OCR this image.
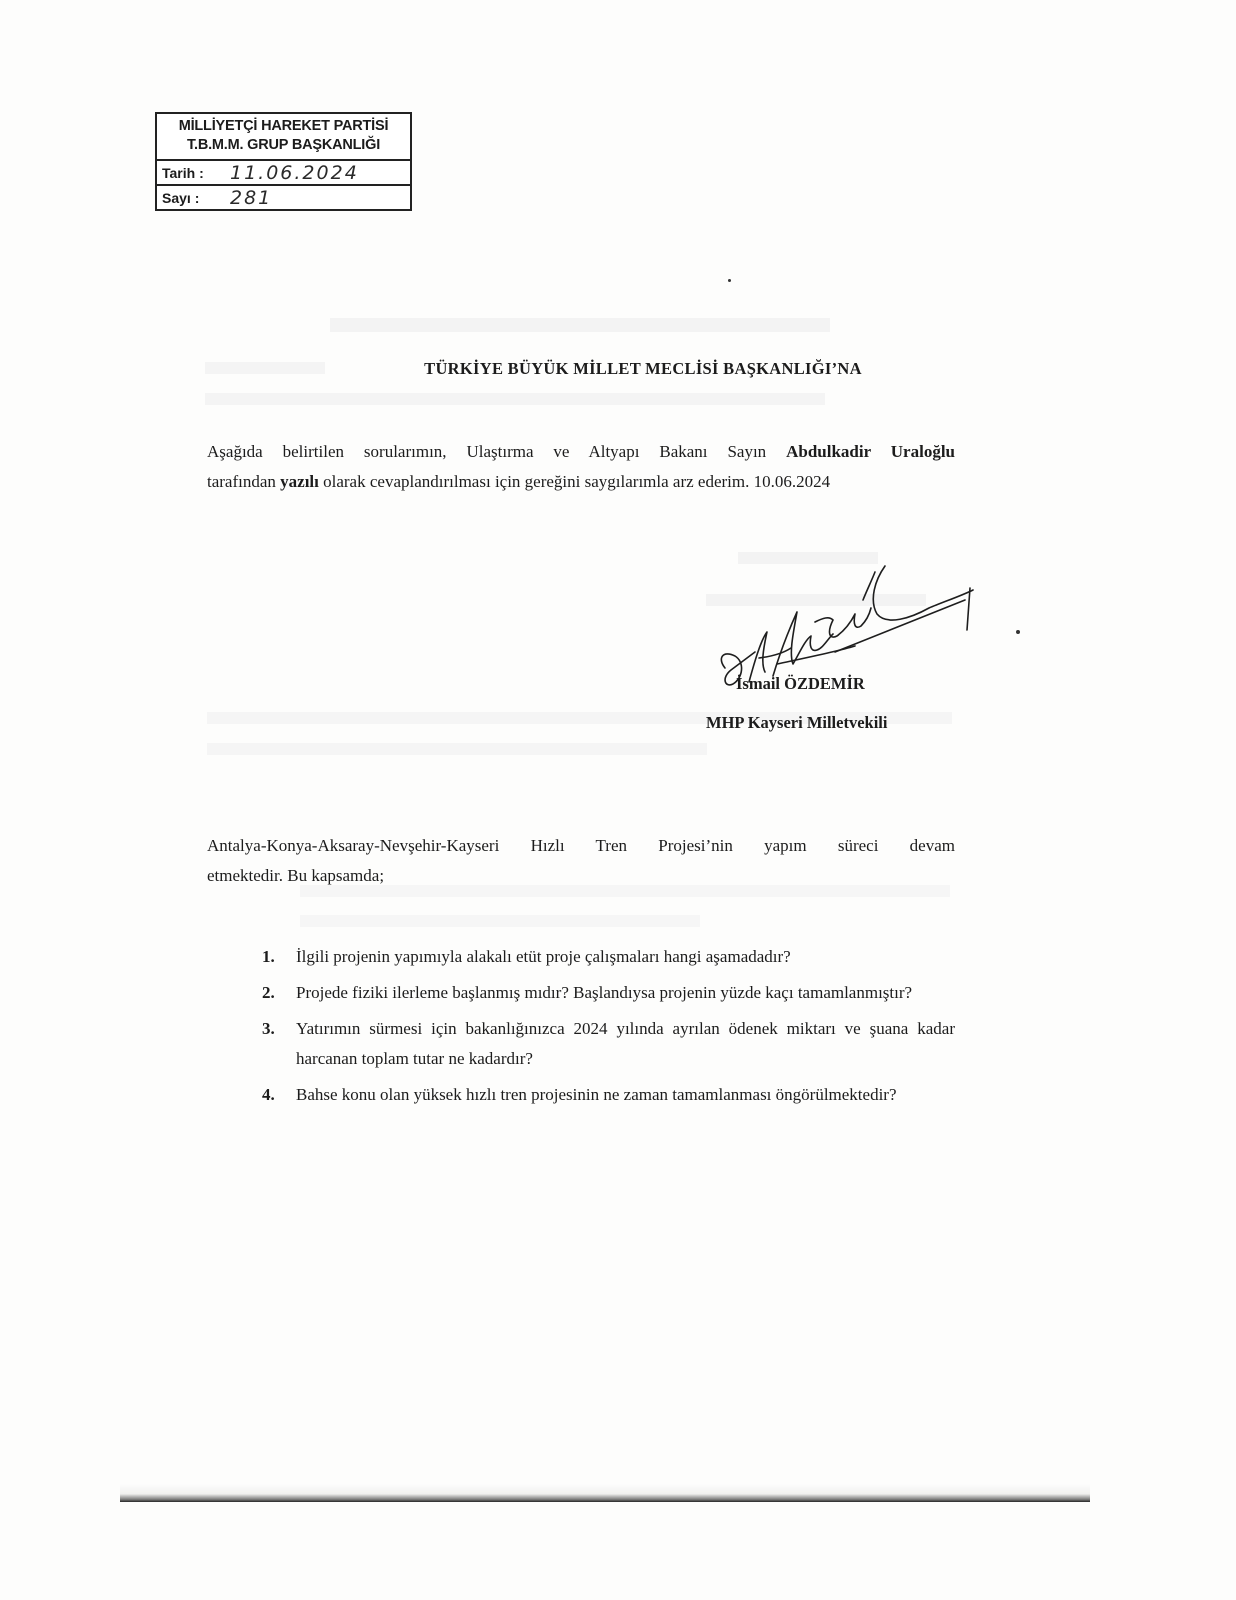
MİLLİYETÇİ HAREKET PARTİSİ
T.B.M.M. GRUP BAŞKANLIĞI
Tarih :	11.06.2024
Sayı :	281
TÜRKİYE BÜYÜK MİLLET MECLİSİ BAŞKANLIĞI’NA
Aşağıda belirtilen sorularımın, Ulaştırma ve Altyapı Bakanı Sayın Abdulkadir Uraloğlu
tarafından yazılı olarak cevaplandırılması için gereğini saygılarımla arz ederim. 10.06.2024
İsmail ÖZDEMİR
MHP Kayseri Milletvekili
Antalya-Konya-Aksaray-Nevşehir-Kayseri Hızlı Tren Projesi’nin yapım süreci devam
etmektedir. Bu kapsamda;
1.	İlgili projenin yapımıyla alakalı etüt proje çalışmaları hangi aşamadadır?
2.	Projede fiziki ilerleme başlanmış mıdır? Başlandıysa projenin yüzde kaçı tamamlanmıştır?
3.	Yatırımın sürmesi için bakanlığınızca 2024 yılında ayrılan ödenek miktarı ve şuana kadar harcanan toplam tutar ne kadardır?
4.	Bahse konu olan yüksek hızlı tren projesinin ne zaman tamamlanması öngörülmektedir?
